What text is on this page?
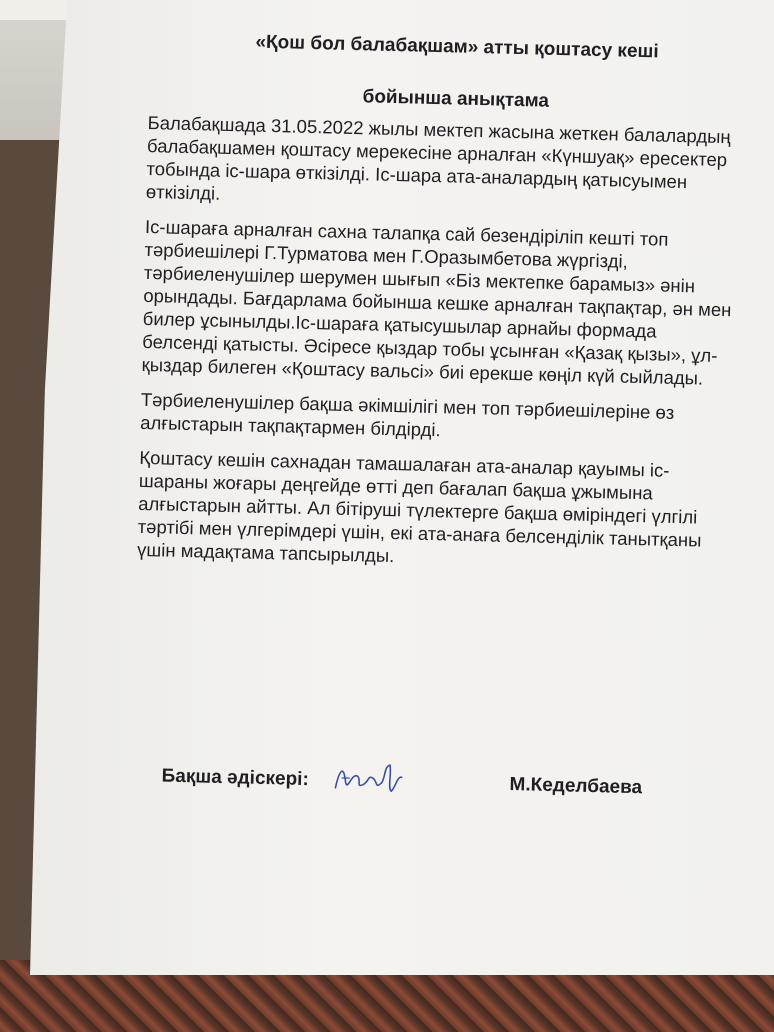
«Қош бол балабақшам» атты қоштасу кеші
бойынша анықтама

Балабақшада 31.05.2022 жылы мектеп жасына жеткен балалардың балабақшамен қоштасу мерекесіне арналған «Күншуақ» ересектер тобында іс-шара өткізілді. Іс-шара ата-аналардың қатысуымен өткізілді.

Іс-шараға арналған сахна талапқа сай безендіріліп кешті топ тәрбиешілері Г.Турматова мен Г.Оразымбетова жүргізді, тәрбиеленушілер шерумен шығып «Біз мектепке барамыз» әнін орындады. Бағдарлама бойынша кешке арналған тақпақтар, ән мен билер ұсынылды.Іс-шараға қатысушылар арнайы формада белсенді қатысты. Әсіресе қыздар тобы ұсынған «Қазақ қызы», ұл-қыздар билеген «Қоштасу вальсі» биі ерекше көңіл күй сыйлады.

Тәрбиеленушілер бақша әкімшілігі мен топ тәрбиешілеріне өз алғыстарын тақпақтармен білдірді.

Қоштасу кешін сахнадан тамашалаған ата-аналар қауымы іс-шараны жоғары деңгейде өтті деп бағалап бақша ұжымына алғыстарын айтты. Ал бітіруші түлектерге бақша өміріндегі үлгілі тәртібі мен үлгерімдері үшін, екі ата-анаға белсенділік танытқаны үшін мадақтама тапсырылды.

Бақша әдіскері:	М.Кеделбаева
